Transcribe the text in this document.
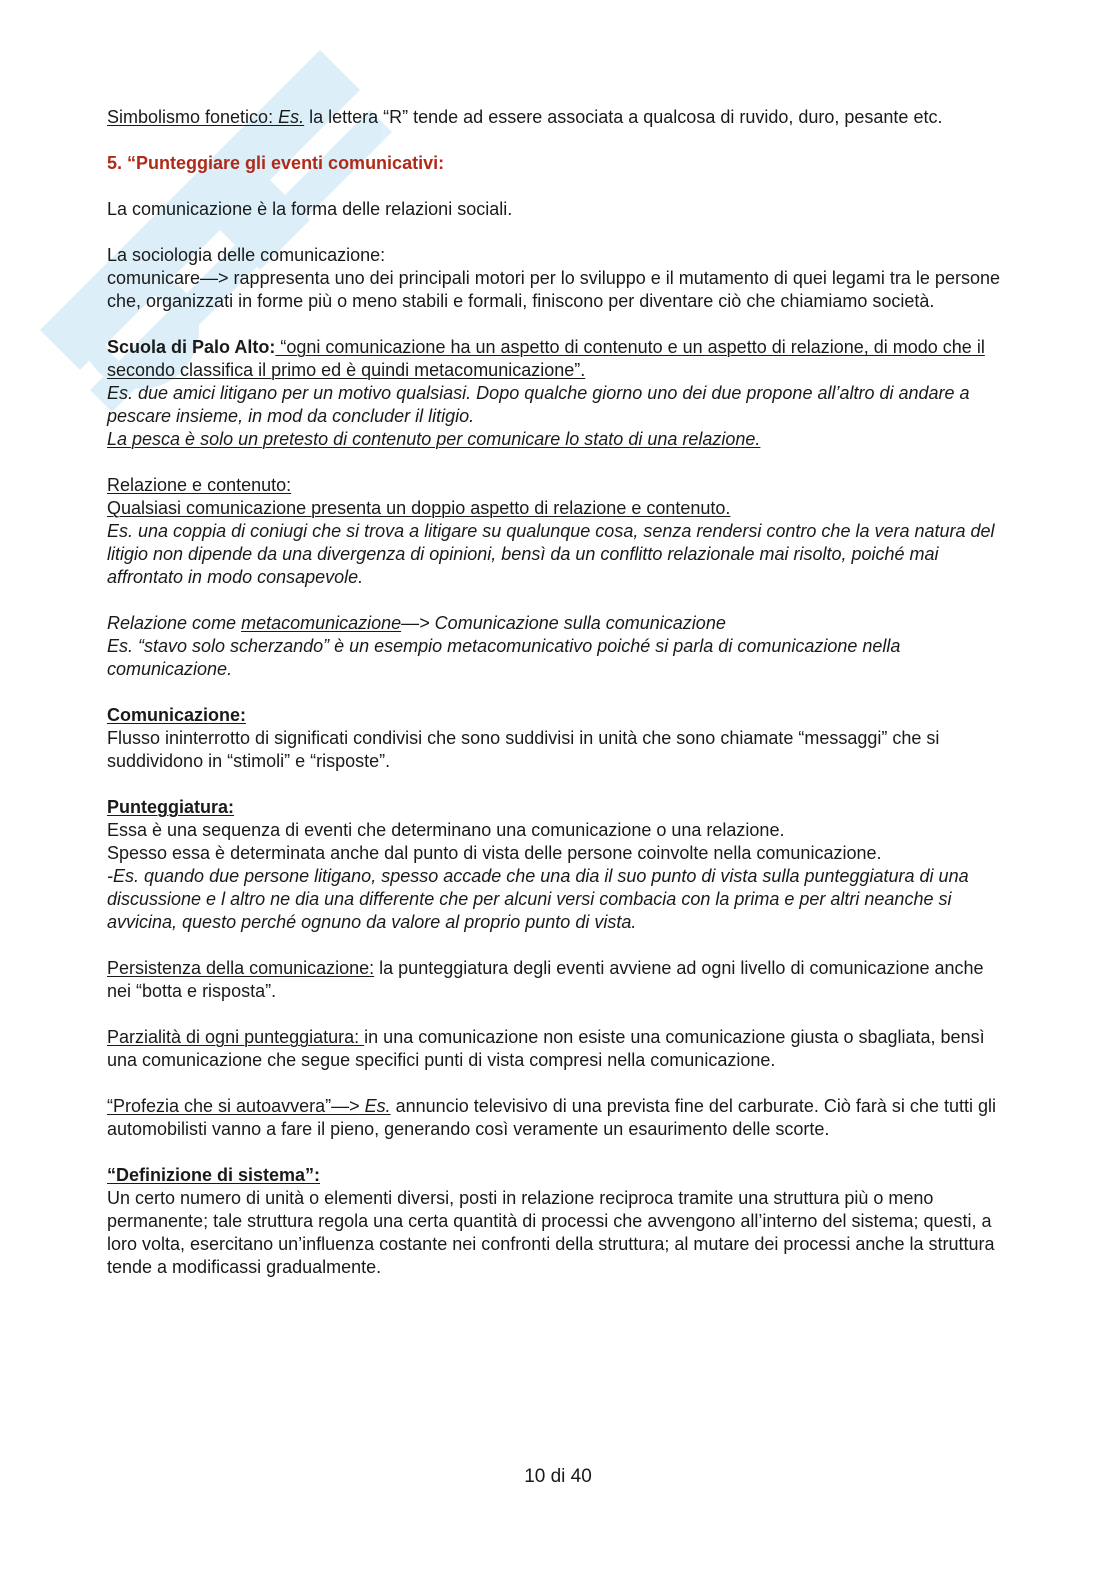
Simbolismo fonetico: Es. la lettera “R” tende ad essere associata a qualcosa di ruvido, duro, pesante etc.

5. “Punteggiare gli eventi comunicativi:

La comunicazione è la forma delle relazioni sociali.

La sociologia delle comunicazione:
comunicare—> rappresenta uno dei principali motori per lo sviluppo e il mutamento di quei legami tra le persone che, organizzati in forme più o meno stabili e formali, finiscono per diventare ciò che chiamiamo società.

Scuola di Palo Alto: “ogni comunicazione ha un aspetto di contenuto e un aspetto di relazione, di modo che il secondo classifica il primo ed è quindi metacomunicazione”.
Es. due amici litigano per un motivo qualsiasi. Dopo qualche giorno uno dei due propone all’altro di andare a pescare insieme, in mod da concluder il litigio.
La pesca è solo un pretesto di contenuto per comunicare lo stato di una relazione.

Relazione e contenuto:
Qualsiasi comunicazione presenta un doppio aspetto di relazione e contenuto.
Es. una coppia di coniugi che si trova a litigare su qualunque cosa, senza rendersi contro che la vera natura del litigio non dipende da una divergenza di opinioni, bensì da un conflitto relazionale mai risolto, poiché mai affrontato in modo consapevole.

Relazione come metacomunicazione—> Comunicazione sulla comunicazione
Es. “stavo solo scherzando” è un esempio metacomunicativo poiché si parla di comunicazione nella comunicazione.

Comunicazione:
Flusso ininterrotto di significati condivisi che sono suddivisi in unità che sono chiamate “messaggi” che si suddividono in “stimoli” e “risposte”.

Punteggiatura:
Essa è una sequenza di eventi che determinano una comunicazione o una relazione.
Spesso essa è determinata anche dal punto di vista delle persone coinvolte nella comunicazione.
-Es. quando due persone litigano, spesso accade che una dia il suo punto di vista sulla punteggiatura di una discussione e l altro ne dia una differente che per alcuni versi combacia con la prima e per altri neanche si avvicina, questo perché ognuno da valore al proprio punto di vista.

Persistenza della comunicazione: la punteggiatura degli eventi avviene ad ogni livello di comunicazione anche nei “botta e risposta”.

Parzialità di ogni punteggiatura: in una comunicazione non esiste una comunicazione giusta o sbagliata, bensì una comunicazione che segue specifici punti di vista compresi nella comunicazione.

“Profezia che si autoavvera”—> Es. annuncio televisivo di una prevista fine del carburate. Ciò farà si che tutti gli automobilisti vanno a fare il pieno, generando così veramente un esaurimento delle scorte.

“Definizione di sistema”:
Un certo numero di unità o elementi diversi, posti in relazione reciproca tramite una struttura più o meno permanente; tale struttura regola una certa quantità di processi che avvengono all’interno del sistema; questi, a loro volta, esercitano un’influenza costante nei confronti della struttura; al mutare dei processi anche la struttura tende a modificassi gradualmente.

10 di 40
